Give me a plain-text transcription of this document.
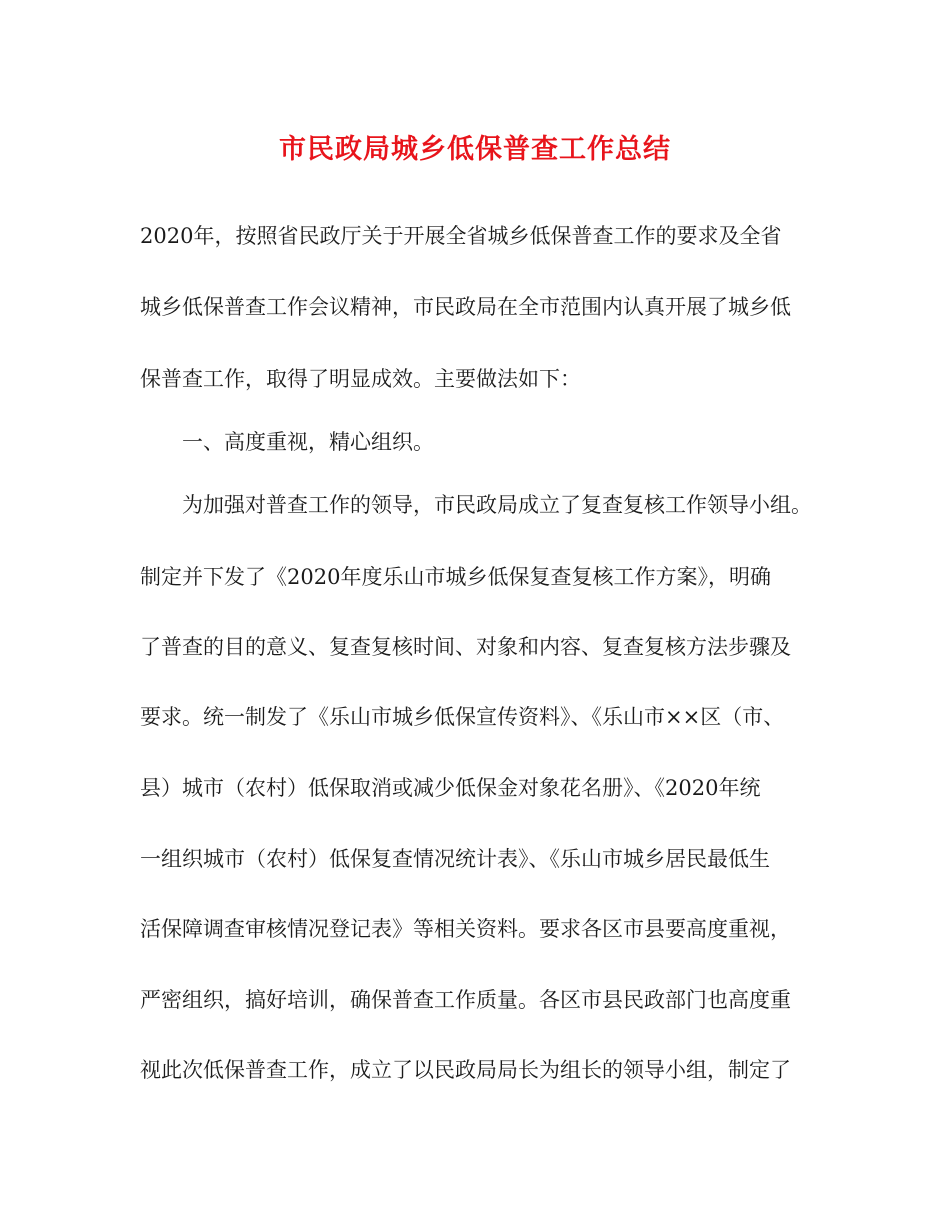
市民政局城乡低保普查工作总结
2020年，按照省民政厅关于开展全省城乡低保普查工作的要求及全省
城乡低保普查工作会议精神，市民政局在全市范围内认真开展了城乡低
保普查工作，取得了明显成效。主要做法如下：
一、高度重视，精心组织。
为加强对普查工作的领导，市民政局成立了复查复核工作领导小组。
制定并下发了《2020年度乐山市城乡低保复查复核工作方案》，明确
了普查的目的意义、复查复核时间、对象和内容、复查复核方法步骤及
要求。统一制发了《乐山市城乡低保宣传资料》、《乐山市××区（市、
县）城市（农村）低保取消或减少低保金对象花名册》、《2020年统
一组织城市（农村）低保复查情况统计表》、《乐山市城乡居民最低生
活保障调查审核情况登记表》等相关资料。要求各区市县要高度重视，
严密组织，搞好培训，确保普查工作质量。各区市县民政部门也高度重
视此次低保普查工作，成立了以民政局局长为组长的领导小组，制定了
